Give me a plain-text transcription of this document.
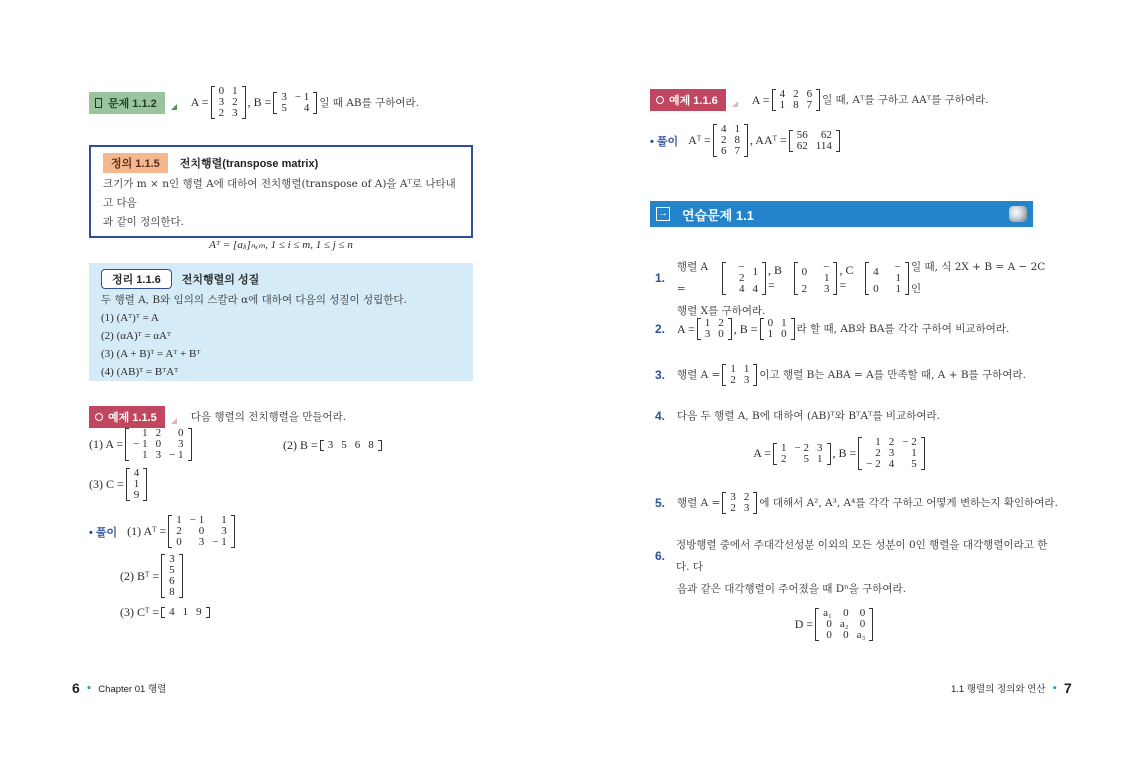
문제 1.1.2	A =
0	1
3	2
2	3
, B = 3	− 1
5	4 일 때 AB를 구하여라.
정의 1.1.5	전치행렬(transpose matrix)
크기가 m × n인 행렬 A에 대하여 전치행렬(transpose of A)을 Aᵀ로 나타내고 다음
과 같이 정의한다.
Aᵀ = [aⱼᵢ]ₙₓₘ, 1 ≤ i ≤ m, 1 ≤ j ≤ n
정리 1.1.6	전치행렬의 성질
두 행렬 A, B와 임의의 스칼라 α에 대하여 다음의 성질이 성립한다.
(1) (Aᵀ)ᵀ = A
(2) (αA)ᵀ = αAᵀ
(3) (A + B)ᵀ = Aᵀ + Bᵀ
(4) (AB)ᵀ = BᵀAᵀ
예제 1.1.5	다음 행렬의 전치행렬을 만들어라.
(1) A =
1	2	0
− 1	0	3
1	3	− 1
(2) B = 3	5	6	8
(3) C =
4
1
9
• 풀이 (1) Aᵀ =
1	− 1	1
2	0	3
0	3	− 1
(2) Bᵀ =
3
5
6
8
(3) Cᵀ = 4	1	9
6 • Chapter 01 행렬
예제 1.1.6	A = 4	2	6
1	8	7 일 때, Aᵀ를 구하고 AAᵀ를 구하여라.
• 풀이 Aᵀ =
4	1
2	8
6	7
, AAᵀ = 56	62
62	114
→ 연습문제 1.1
1.
행렬 A =
− 2	1
4	4
, B =
0	− 1
2	3
, C =
4	− 1
0	1
일 때, 식 2X + B = A − 2C인
행렬 X를 구하여라.
2. A = 1	2
3	0 , B = 0	1
1	0 라 할 때, AB와 BA를 각각 구하여 비교하여라.
3.	행렬 A = 1	1
2	3 이고 행렬 B는 ABA = A를 만족할 때, A + B를 구하여라.
4.	다음 두 행렬 A, B에 대하여 (AB)ᵀ와 BᵀAᵀ를 비교하여라.
A = 1	− 2	3
2	5	1 , B =
1	2	− 2
2	3	1
− 2	4	5
5.	행렬 A = 3	2
2	3 에 대해서 A², A³, A⁴를 각각 구하고 어떻게 변하는지 확인하여라.
6.
정방행렬 중에서 주대각선성분 이외의 모든 성분이 0인 행렬을 대각행렬이라고 한다. 다
음과 같은 대각행렬이 주어졌을 때 Dⁿ을 구하여라.
D =
a₁	0	0
0	a₂	0
0	0	a₃
1.1 행렬의 정의와 연산 • 7
